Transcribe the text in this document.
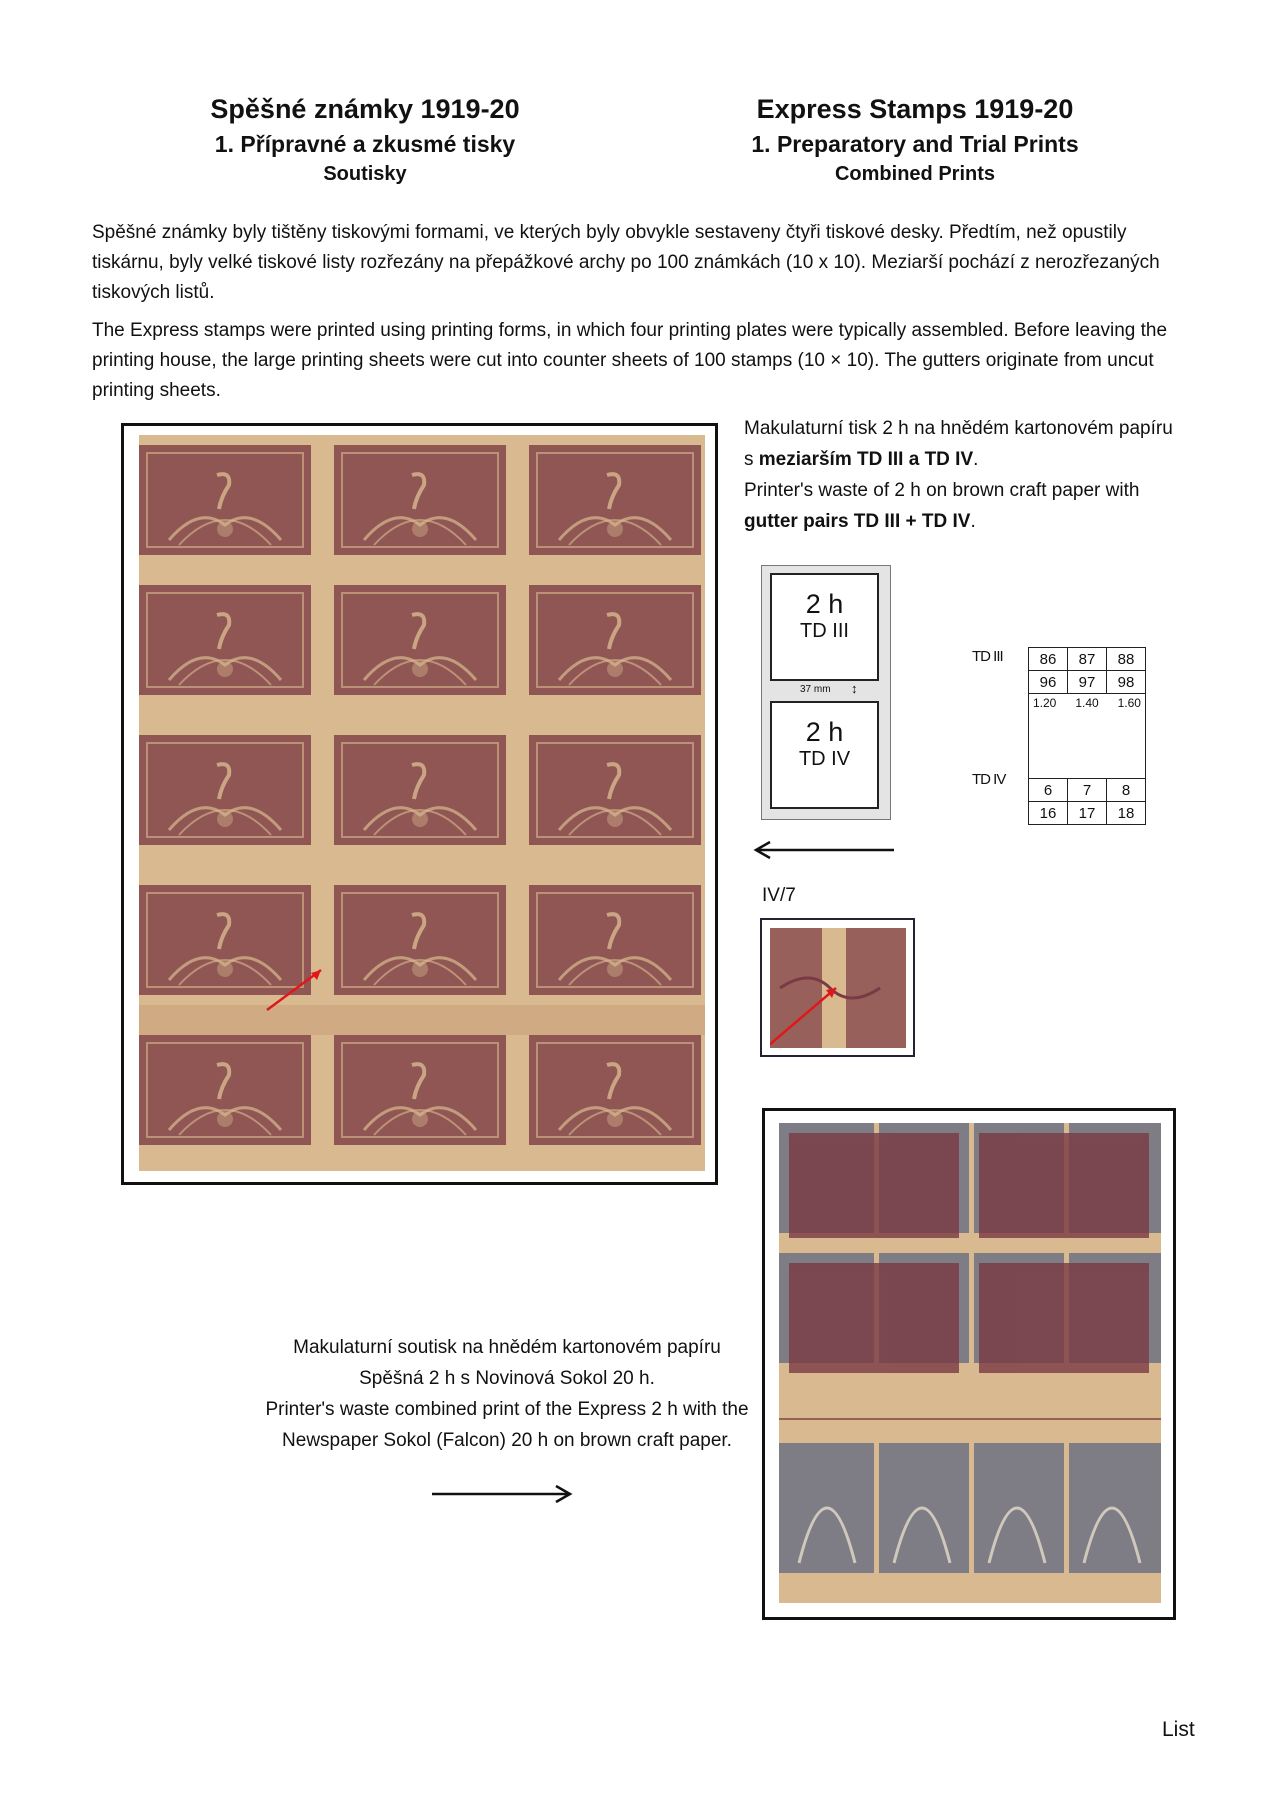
Spěšné známky 1919-20
1. Přípravné a zkusmé tisky
Soutisky
Express Stamps 1919-20
1. Preparatory and Trial Prints
Combined Prints
Spěšné známky byly tištěny tiskovými formami, ve kterých byly obvykle sestaveny čtyři tiskové desky. Předtím, než opustily tiskárnu, byly velké tiskové listy rozřezány na přepážkové archy po 100 známkách (10 x 10). Meziarší pochází z nerozřezaných tiskových listů.
The Express stamps were printed using printing forms, in which four printing plates were typically assembled. Before leaving the printing house, the large printing sheets were cut into counter sheets of 100 stamps (10 × 10). The gutters originate from uncut printing sheets.
Makulaturní tisk 2 h na hnědém kartonovém papíru s meziarším TD III a TD IV.
Printer's waste of 2 h on brown craft paper with gutter pairs TD III + TD IV.
2 h
TD III
37 mm ↕
2 h
TD IV
TD III 86	87	88
96	97	98

1.20 1.40 1.60		

6	7	8
16	17	18
TD IV
IV/7
Makulaturní soutisk na hnědém kartonovém papíru
Spěšná 2 h s Novinová Sokol 20 h.
Printer's waste combined print of the Express 2 h with the Newspaper Sokol (Falcon) 20 h on brown craft paper.
List
